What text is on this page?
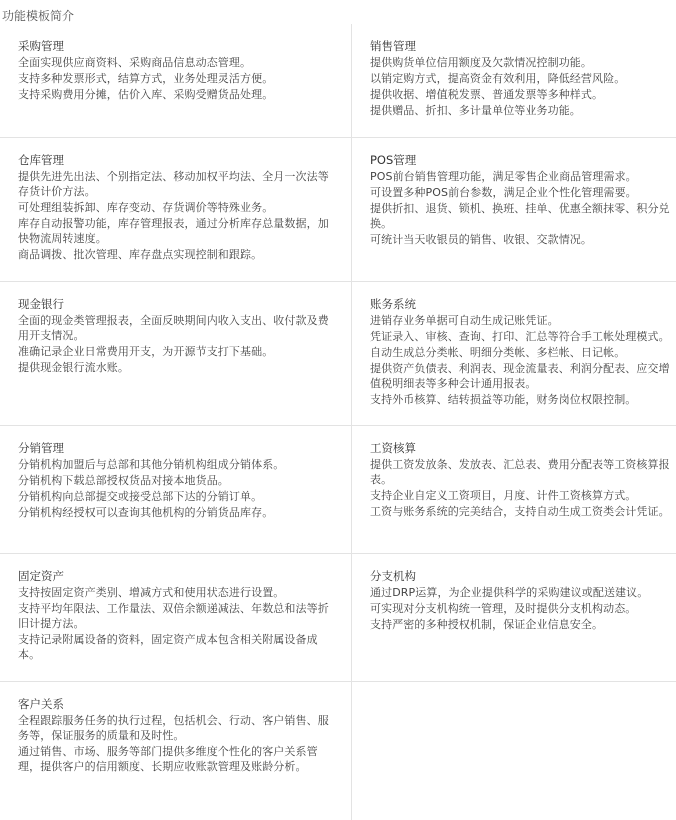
功能模板简介
采购管理
全面实现供应商资料、采购商品信息动态管理。
支持多种发票形式，结算方式，业务处理灵活方便。
支持采购费用分摊，估价入库、采购受赠货品处理。
销售管理
提供购货单位信用额度及欠款情况控制功能。
以销定购方式，提高资金有效利用，降低经营风险。
提供收据、增值税发票、普通发票等多种样式。
提供赠品、折扣、多计量单位等业务功能。
仓库管理
提供先进先出法、个别指定法、移动加权平均法、全月一次法等存货计价方法。
可处理组装拆卸、库存变动、存货调价等特殊业务。
库存自动报警功能，库存管理报表，通过分析库存总量数据，加快物流周转速度。
商品调拨、批次管理、库存盘点实现控制和跟踪。
POS管理
POS前台销售管理功能，满足零售企业商品管理需求。
可设置多种POS前台参数，满足企业个性化管理需要。
提供折扣、退货、锁机、换班、挂单、优惠全额抹零、积分兑换。
可统计当天收银员的销售、收银、交款情况。
现金银行
全面的现金类管理报表，全面反映期间内收入支出、收付款及费用开支情况。
准确记录企业日常费用开支，为开源节支打下基础。
提供现金银行流水账。
账务系统
进销存业务单据可自动生成记账凭证。
凭证录入、审核、查询、打印、汇总等符合手工帐处理模式。
自动生成总分类帐、明细分类帐、多栏帐、日记帐。
提供资产负债表、利润表、现金流量表、利润分配表、应交增值税明细表等多种会计通用报表。
支持外币核算、结转损益等功能，财务岗位权限控制。
分销管理
分销机构加盟后与总部和其他分销机构组成分销体系。
分销机构下载总部授权货品对接本地货品。
分销机构向总部提交或接受总部下达的分销订单。
分销机构经授权可以查询其他机构的分销货品库存。
工资核算
提供工资发放条、发放表、汇总表、费用分配表等工资核算报表。
支持企业自定义工资项目，月度、计件工资核算方式。
工资与账务系统的完美结合，支持自动生成工资类会计凭证。
固定资产
支持按固定资产类别、增减方式和使用状态进行设置。
支持平均年限法、工作量法、双倍余额递减法、年数总和法等折旧计提方法。
支持记录附属设备的资料，固定资产成本包含相关附属设备成本。
分支机构
通过DRP运算，为企业提供科学的采购建议或配送建议。
可实现对分支机构统一管理，及时提供分支机构动态。
支持严密的多种授权机制，保证企业信息安全。
客户关系
全程跟踪服务任务的执行过程，包括机会、行动、客户销售、服务等，保证服务的质量和及时性。
通过销售、市场、服务等部门提供多维度个性化的客户关系管理，提供客户的信用额度、长期应收账款管理及账龄分析。
